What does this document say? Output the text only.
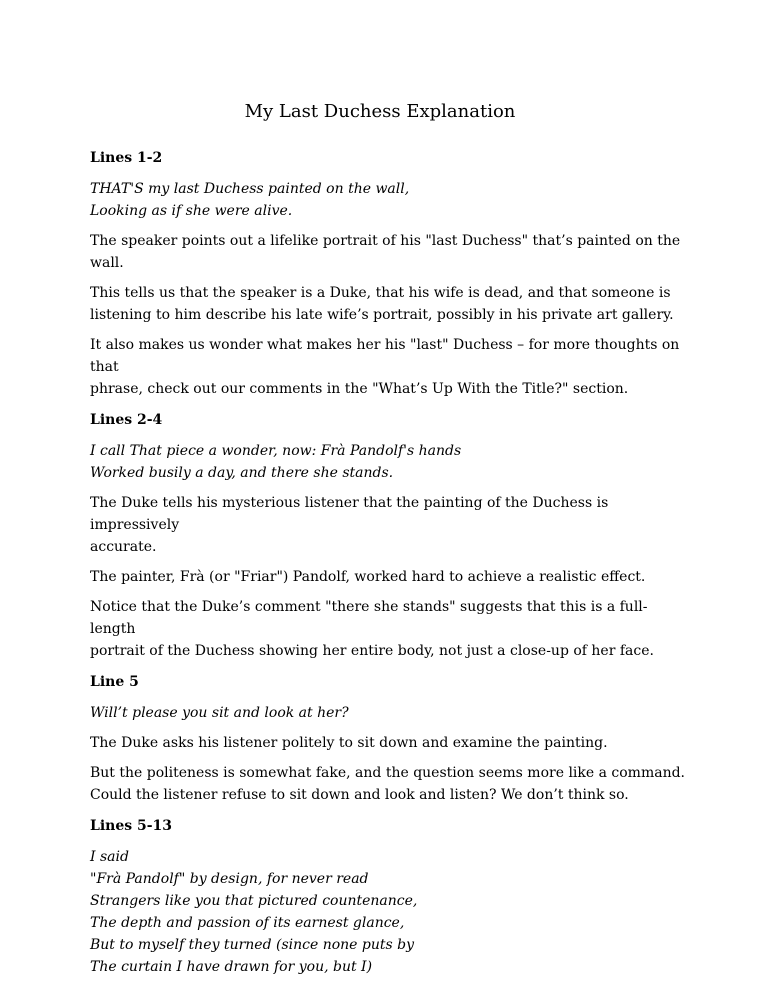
My Last Duchess Explanation
Lines 1-2
THAT'S my last Duchess painted on the wall,
Looking as if she were alive.
The speaker points out a lifelike portrait of his "last Duchess" that’s painted on the wall.
This tells us that the speaker is a Duke, that his wife is dead, and that someone is
listening to him describe his late wife’s portrait, possibly in his private art gallery.
It also makes us wonder what makes her his "last" Duchess – for more thoughts on that
phrase, check out our comments in the "What’s Up With the Title?" section.
Lines 2-4
I call That piece a wonder, now: Frà Pandolf's hands
Worked busily a day, and there she stands.
The Duke tells his mysterious listener that the painting of the Duchess is impressively
accurate.
The painter, Frà (or "Friar") Pandolf, worked hard to achieve a realistic effect.
Notice that the Duke’s comment "there she stands" suggests that this is a full-length
portrait of the Duchess showing her entire body, not just a close-up of her face.
Line 5
Will’t please you sit and look at her?
The Duke asks his listener politely to sit down and examine the painting.
But the politeness is somewhat fake, and the question seems more like a command.
Could the listener refuse to sit down and look and listen? We don’t think so.
Lines 5-13
I said
"Frà Pandolf" by design, for never read
Strangers like you that pictured countenance,
The depth and passion of its earnest glance,
But to myself they turned (since none puts by
The curtain I have drawn for you, but I)
